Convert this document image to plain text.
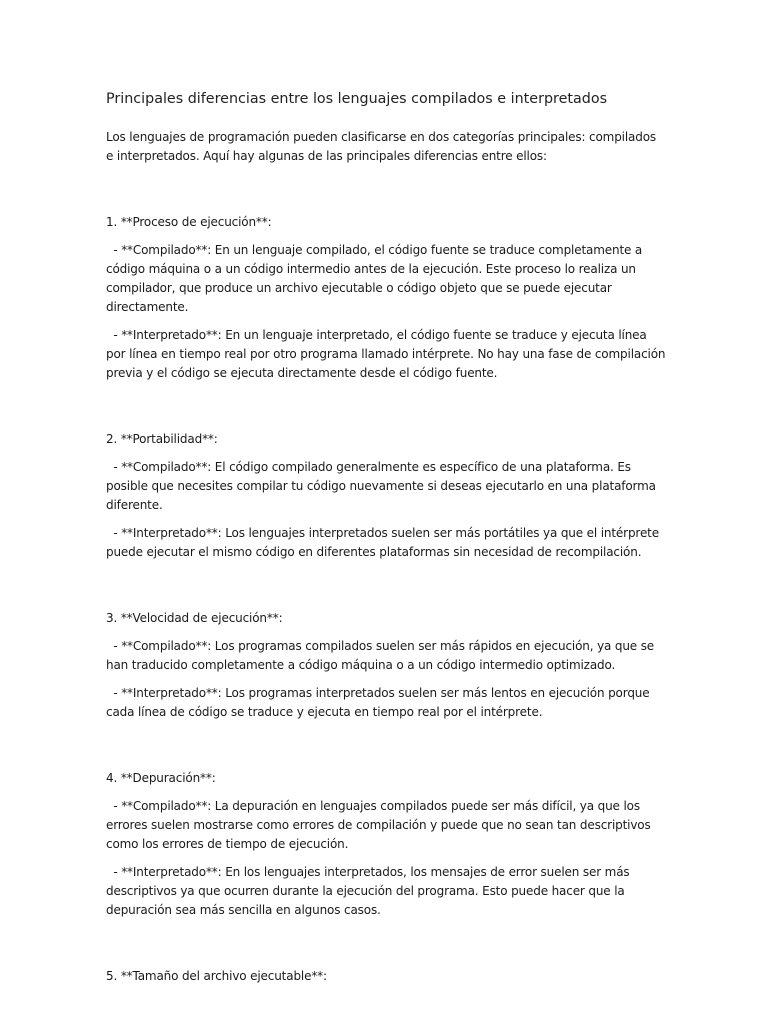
Principales diferencias entre los lenguajes compilados e interpretados

Los lenguajes de programación pueden clasificarse en dos categorías principales: compilados e interpretados. Aquí hay algunas de las principales diferencias entre ellos:

1. **Proceso de ejecución**:

- **Compilado**: En un lenguaje compilado, el código fuente se traduce completamente a código máquina o a un código intermedio antes de la ejecución. Este proceso lo realiza un compilador, que produce un archivo ejecutable o código objeto que se puede ejecutar directamente.

- **Interpretado**: En un lenguaje interpretado, el código fuente se traduce y ejecuta línea por línea en tiempo real por otro programa llamado intérprete. No hay una fase de compilación previa y el código se ejecuta directamente desde el código fuente.

2. **Portabilidad**:

- **Compilado**: El código compilado generalmente es específico de una plataforma. Es posible que necesites compilar tu código nuevamente si deseas ejecutarlo en una plataforma diferente.

- **Interpretado**: Los lenguajes interpretados suelen ser más portátiles ya que el intérprete puede ejecutar el mismo código en diferentes plataformas sin necesidad de recompilación.

3. **Velocidad de ejecución**:

- **Compilado**: Los programas compilados suelen ser más rápidos en ejecución, ya que se han traducido completamente a código máquina o a un código intermedio optimizado.

- **Interpretado**: Los programas interpretados suelen ser más lentos en ejecución porque cada línea de código se traduce y ejecuta en tiempo real por el intérprete.

4. **Depuración**:

- **Compilado**: La depuración en lenguajes compilados puede ser más difícil, ya que los errores suelen mostrarse como errores de compilación y puede que no sean tan descriptivos como los errores de tiempo de ejecución.

- **Interpretado**: En los lenguajes interpretados, los mensajes de error suelen ser más descriptivos ya que ocurren durante la ejecución del programa. Esto puede hacer que la depuración sea más sencilla en algunos casos.

5. **Tamaño del archivo ejecutable**:
